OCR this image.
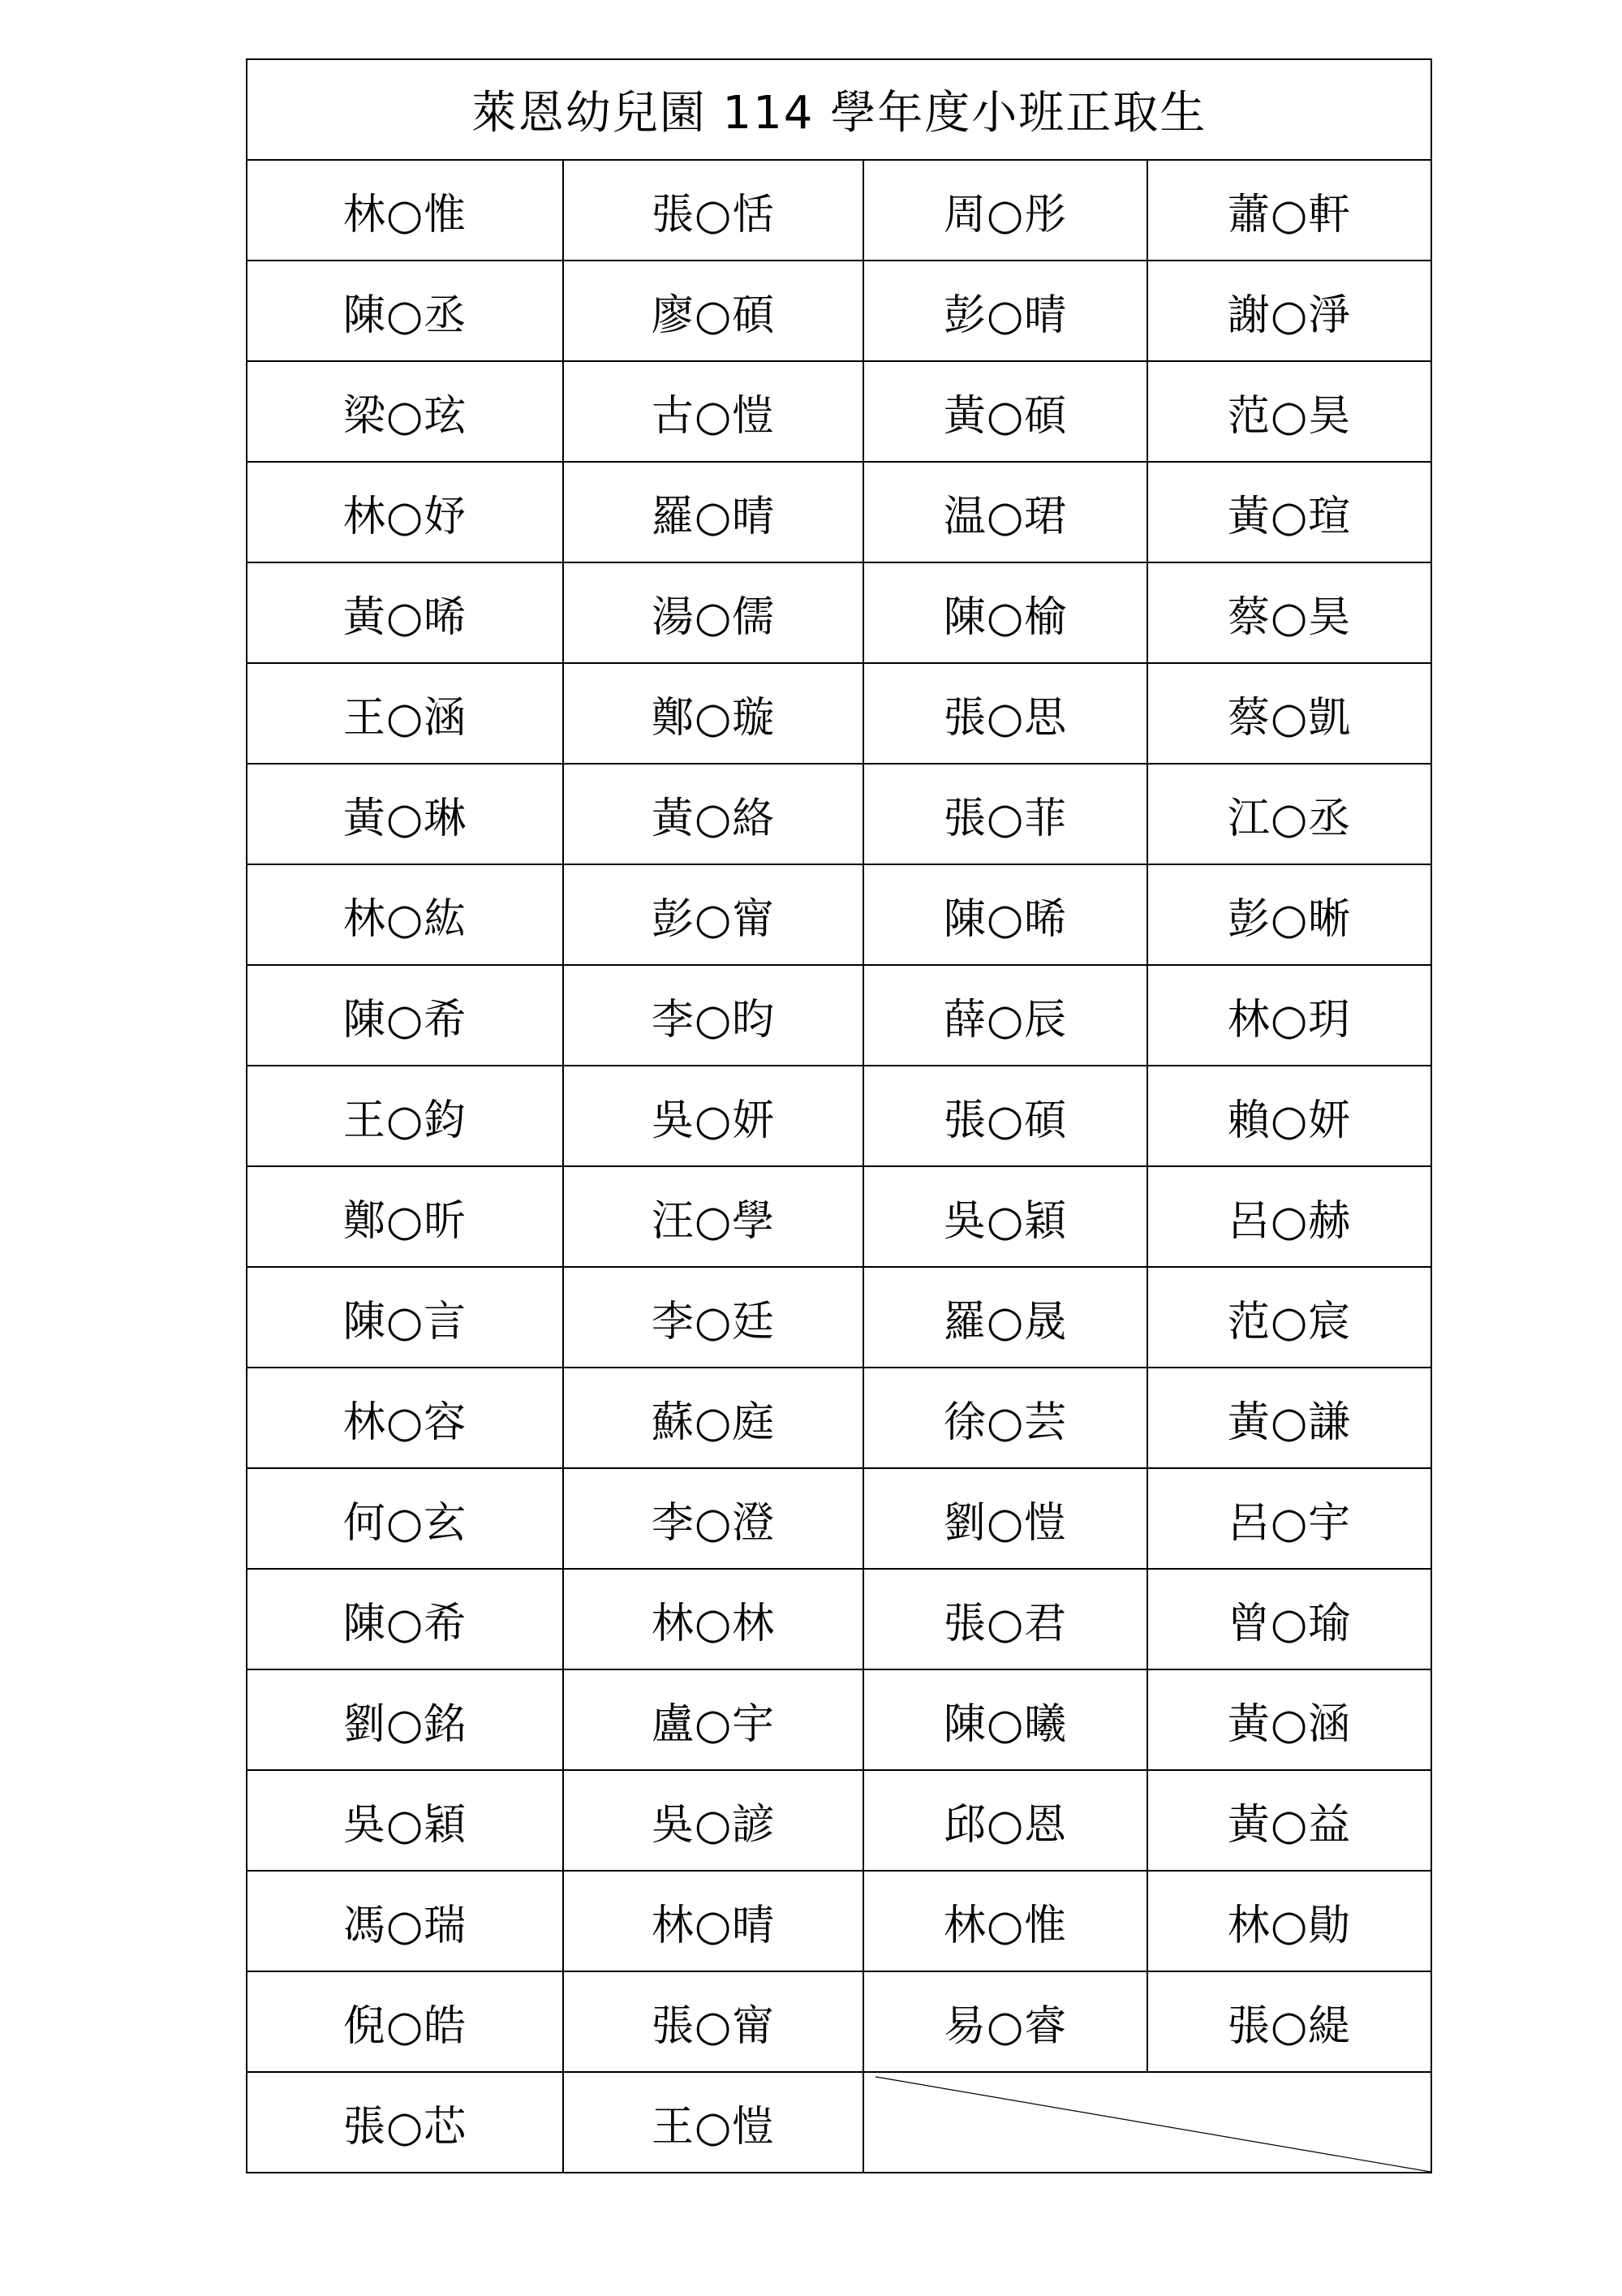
萊恩幼兒園 114 學年度小班正取生			
林○惟	張○恬	周○彤	蕭○軒
陳○丞	廖○碩	彭○晴	謝○淨
梁○玹	古○愷	黃○碩	范○昊
林○妤	羅○晴	温○珺	黃○瑄
黃○晞	湯○儒	陳○榆	蔡○昊
王○涵	鄭○璇	張○思	蔡○凱
黃○琳	黃○絡	張○菲	江○丞
林○紘	彭○甯	陳○晞	彭○晰
陳○希	李○昀	薛○辰	林○玥
王○鈞	吳○妍	張○碩	賴○妍
鄭○昕	汪○學	吳○穎	呂○赫
陳○言	李○廷	羅○晟	范○宸
林○容	蘇○庭	徐○芸	黃○謙
何○玄	李○澄	劉○愷	呂○宇
陳○希	林○林	張○君	曾○瑜
劉○銘	盧○宇	陳○曦	黃○涵
吳○穎	吳○諺	邱○恩	黃○益
馮○瑞	林○晴	林○惟	林○勛
倪○皓	張○甯	易○睿	張○緹
張○芯	王○愷	
